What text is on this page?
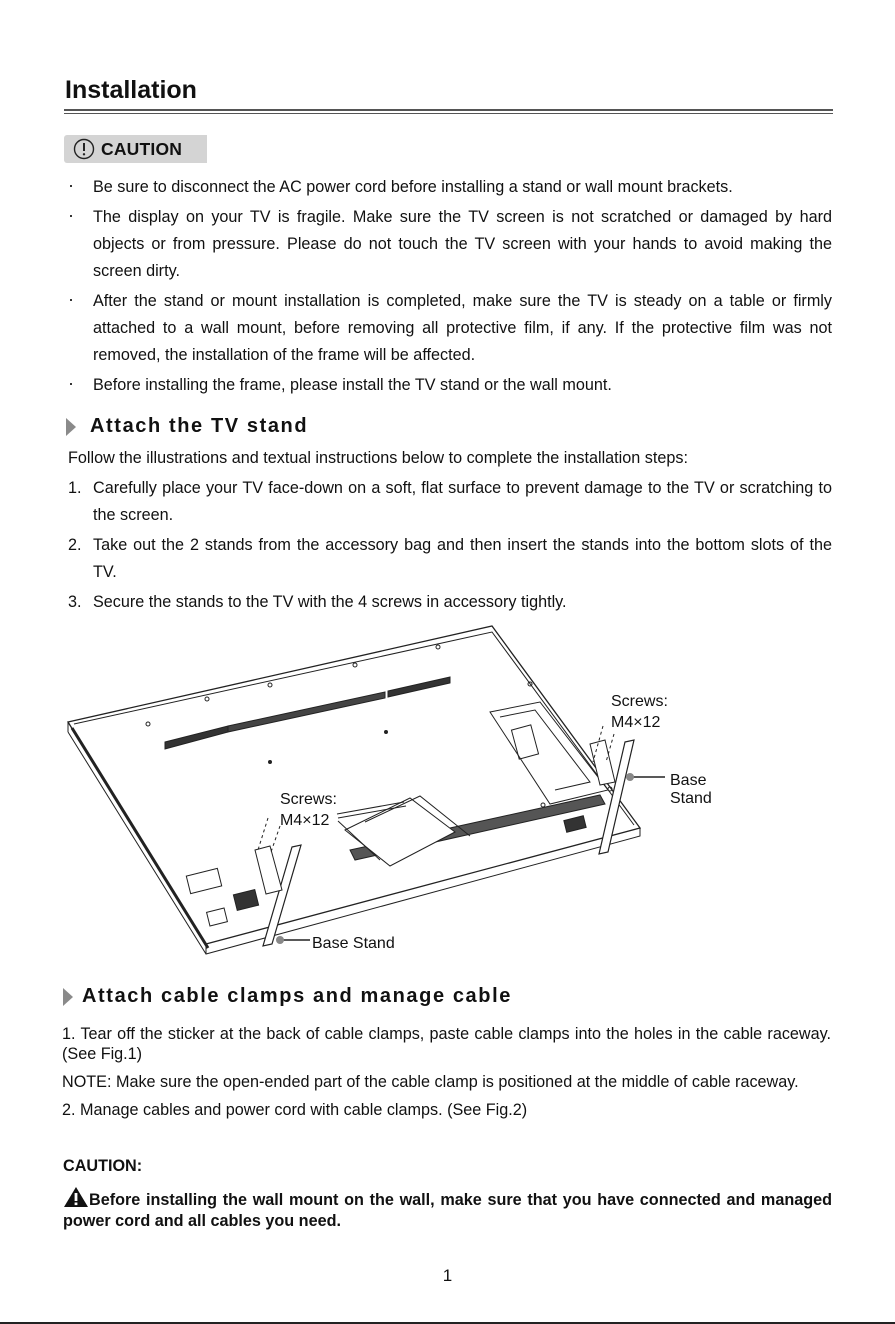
Installation
CAUTION
· Be sure to disconnect the AC power cord before installing a stand or wall mount brackets.
· The display on your TV is fragile. Make sure the TV screen is not scratched or damaged by hard objects or from pressure. Please do not touch the TV screen with your hands to avoid making the screen dirty.
· After the stand or mount installation is completed, make sure the TV is steady on a table or firmly attached to a wall mount, before removing all protective film, if any. If the protective film was not removed, the installation of the frame will be affected.
· Before installing the frame, please install the TV stand or the wall mount.
Attach the TV stand
Follow the illustrations and textual instructions below to complete the installation steps:
1. Carefully place your TV face-down on a soft, flat surface to prevent damage to the TV or scratching to the screen.
2. Take out the 2 stands from the accessory bag and then insert the stands into the bottom slots of the TV.
3. Secure the stands to the TV with the 4 screws in accessory tightly.
Screws:
M4×12
Base Stand
Screws:
M4×12
Base Stand
Attach cable clamps and manage cable

1. Tear off the sticker at the back of cable clamps, paste cable clamps into the holes in the cable raceway. (See Fig.1)

NOTE: Make sure the open-ended part of the cable clamp is positioned at the middle of cable raceway.

2. Manage cables and power cord with cable clamps. (See Fig.2)

CAUTION:
Before installing the wall mount on the wall, make sure that you have connected and managed power cord and all cables you need.
1
